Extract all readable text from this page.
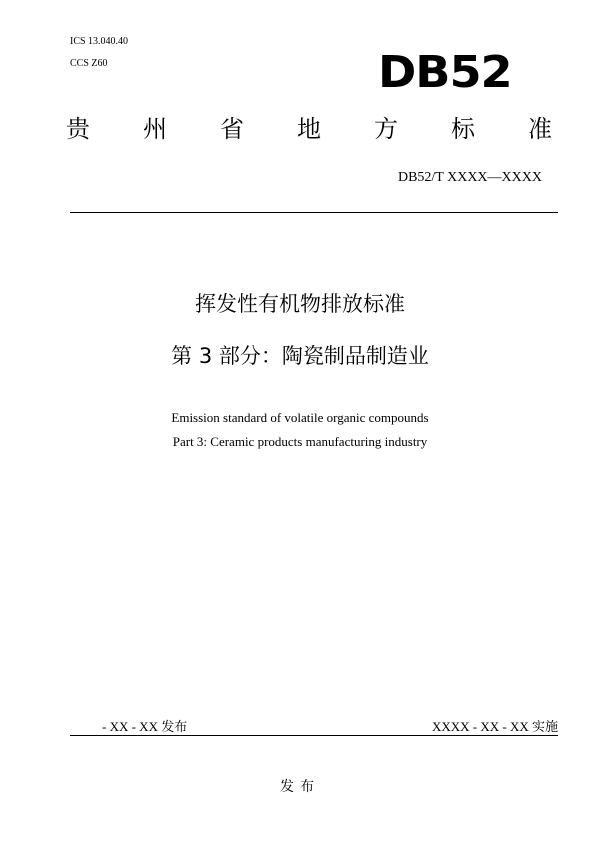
ICS 13.040.40
CCS Z60	DB52
贵 州 省 地 方 标 准
DB52/T XXXX—XXXX
挥发性有机物排放标准
第 3 部分：陶瓷制品制造业
Emission standard of volatile organic compounds
Part 3: Ceramic products manufacturing industry
- XX - XX 发布	XXXX - XX - XX 实施
发布
